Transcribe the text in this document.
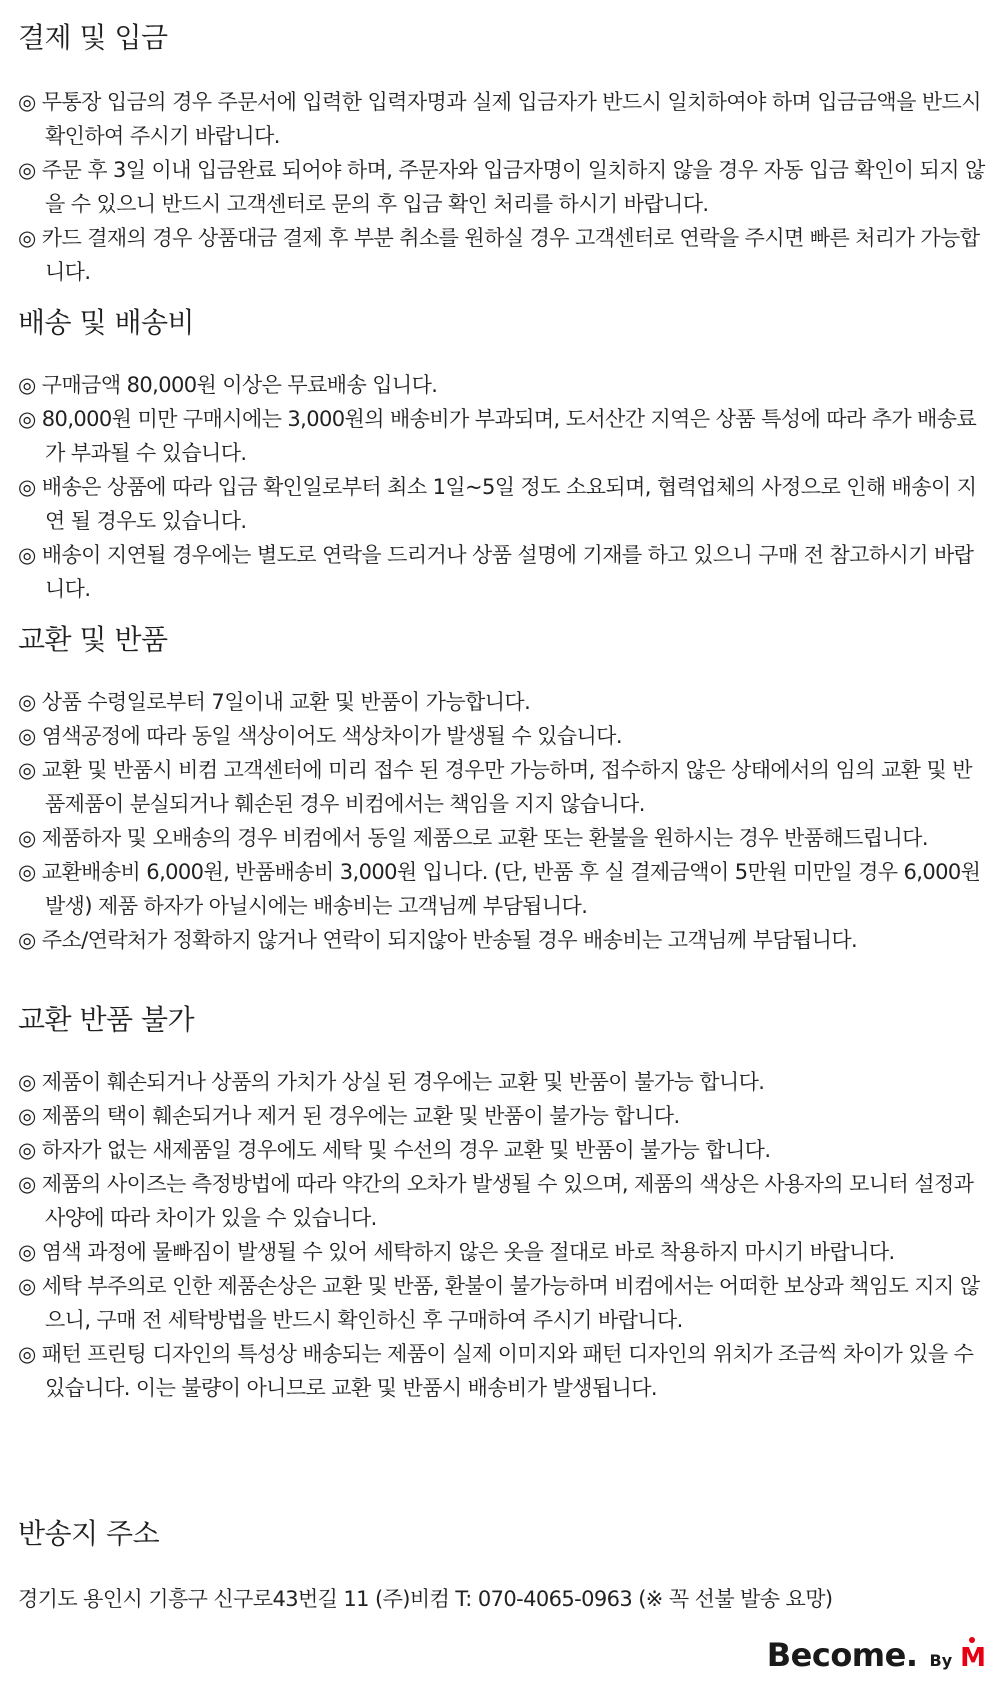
결제 및 입금
◎ 무통장 입금의 경우 주문서에 입력한 입력자명과 실제 입금자가 반드시 일치하여야 하며 입금금액을 반드시 확인하여 주시기 바랍니다.
◎ 주문 후 3일 이내 입금완료 되어야 하며, 주문자와 입금자명이 일치하지 않을 경우 자동 입금 확인이 되지 않을 수 있으니 반드시 고객센터로 문의 후 입금 확인 처리를 하시기 바랍니다.
◎ 카드 결재의 경우 상품대금 결제 후 부분 취소를 원하실 경우 고객센터로 연락을 주시면 빠른 처리가 가능합니다.
배송 및 배송비
◎ 구매금액 80,000원 이상은 무료배송 입니다.
◎ 80,000원 미만 구매시에는 3,000원의 배송비가 부과되며, 도서산간 지역은 상품 특성에 따라 추가 배송료가 부과될 수 있습니다.
◎ 배송은 상품에 따라 입금 확인일로부터 최소 1일~5일 정도 소요되며, 협력업체의 사정으로 인해 배송이 지연 될 경우도 있습니다.
◎ 배송이 지연될 경우에는 별도로 연락을 드리거나 상품 설명에 기재를 하고 있으니 구매 전 참고하시기 바랍니다.
교환 및 반품
◎ 상품 수령일로부터 7일이내 교환 및 반품이 가능합니다.
◎ 염색공정에 따라 동일 색상이어도 색상차이가 발생될 수 있습니다.
◎ 교환 및 반품시 비컴 고객센터에 미리 접수 된 경우만 가능하며, 접수하지 않은 상태에서의 임의 교환 및 반품제품이 분실되거나 훼손된 경우 비컴에서는 책임을 지지 않습니다.
◎ 제품하자 및 오배송의 경우 비컴에서 동일 제품으로 교환 또는 환불을 원하시는 경우 반품해드립니다.
◎ 교환배송비 6,000원, 반품배송비 3,000원 입니다. (단, 반품 후 실 결제금액이 5만원 미만일 경우 6,000원 발생) 제품 하자가 아닐시에는 배송비는 고객님께 부담됩니다.
◎ 주소/연락처가 정확하지 않거나 연락이 되지않아 반송될 경우 배송비는 고객님께 부담됩니다.
교환 반품 불가
◎ 제품이 훼손되거나 상품의 가치가 상실 된 경우에는 교환 및 반품이 불가능 합니다.
◎ 제품의 택이 훼손되거나 제거 된 경우에는 교환 및 반품이 불가능 합니다.
◎ 하자가 없는 새제품일 경우에도 세탁 및 수선의 경우 교환 및 반품이 불가능 합니다.
◎ 제품의 사이즈는 측정방법에 따라 약간의 오차가 발생될 수 있으며, 제품의 색상은 사용자의 모니터 설정과 사양에 따라 차이가 있을 수 있습니다.
◎ 염색 과정에 물빠짐이 발생될 수 있어 세탁하지 않은 옷을 절대로 바로 착용하지 마시기 바랍니다.
◎ 세탁 부주의로 인한 제품손상은 교환 및 반품, 환불이 불가능하며 비컴에서는 어떠한 보상과 책임도 지지 않으니, 구매 전 세탁방법을 반드시 확인하신 후 구매하여 주시기 바랍니다.
◎ 패턴 프린팅 디자인의 특성상 배송되는 제품이 실제 이미지와 패턴 디자인의 위치가 조금씩 차이가 있을 수 있습니다. 이는 불량이 아니므로 교환 및 반품시 배송비가 발생됩니다.
반송지 주소

경기도 용인시 기흥구 신구로43번길 11 (주)비컴 T: 070-4065-0963 (※ 꼭 선불 발송 요망)

Become. By M
